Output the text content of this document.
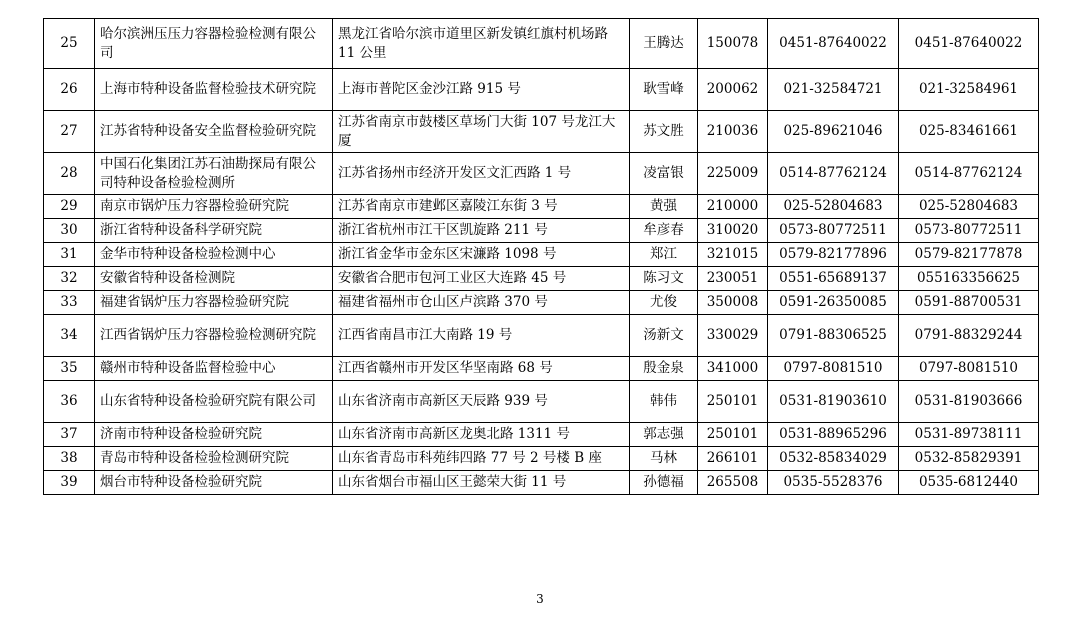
25	哈尔滨洲压压力容器检验检测有限公司	黑龙江省哈尔滨市道里区新发镇红旗村机场路 11 公里	王腾达	150078	0451-87640022	0451-87640022
26	上海市特种设备监督检验技术研究院	上海市普陀区金沙江路 915 号	耿雪峰	200062	021-32584721	021-32584961
27	江苏省特种设备安全监督检验研究院	江苏省南京市鼓楼区草场门大街 107 号龙江大厦	苏文胜	210036	025-89621046	025-83461661
28	中国石化集团江苏石油勘探局有限公司特种设备检验检测所	江苏省扬州市经济开发区文汇西路 1 号	凌富银	225009	0514-87762124	0514-87762124
29	南京市锅炉压力容器检验研究院	江苏省南京市建邺区嘉陵江东街 3 号	黄强	210000	025-52804683	025-52804683
30	浙江省特种设备科学研究院	浙江省杭州市江干区凯旋路 211 号	牟彦春	310020	0573-80772511	0573-80772511
31	金华市特种设备检验检测中心	浙江省金华市金东区宋濂路 1098 号	郑江	321015	0579-82177896	0579-82177878
32	安徽省特种设备检测院	安徽省合肥市包河工业区大连路 45 号	陈习文	230051	0551-65689137	055163356625
33	福建省锅炉压力容器检验研究院	福建省福州市仓山区卢滨路 370 号	尤俊	350008	0591-26350085	0591-88700531
34	江西省锅炉压力容器检验检测研究院	江西省南昌市江大南路 19 号	汤新文	330029	0791-88306525	0791-88329244
35	赣州市特种设备监督检验中心	江西省赣州市开发区华坚南路 68 号	殷金泉	341000	0797-8081510	0797-8081510
36	山东省特种设备检验研究院有限公司	山东省济南市高新区天辰路 939 号	韩伟	250101	0531-81903610	0531-81903666
37	济南市特种设备检验研究院	山东省济南市高新区龙奥北路 1311 号	郭志强	250101	0531-88965296	0531-89738111
38	青岛市特种设备检验检测研究院	山东省青岛市科苑纬四路 77 号 2 号楼 B 座	马林	266101	0532-85834029	0532-85829391
39	烟台市特种设备检验研究院	山东省烟台市福山区王懿荣大街 11 号	孙德福	265508	0535-5528376	0535-6812440
3
